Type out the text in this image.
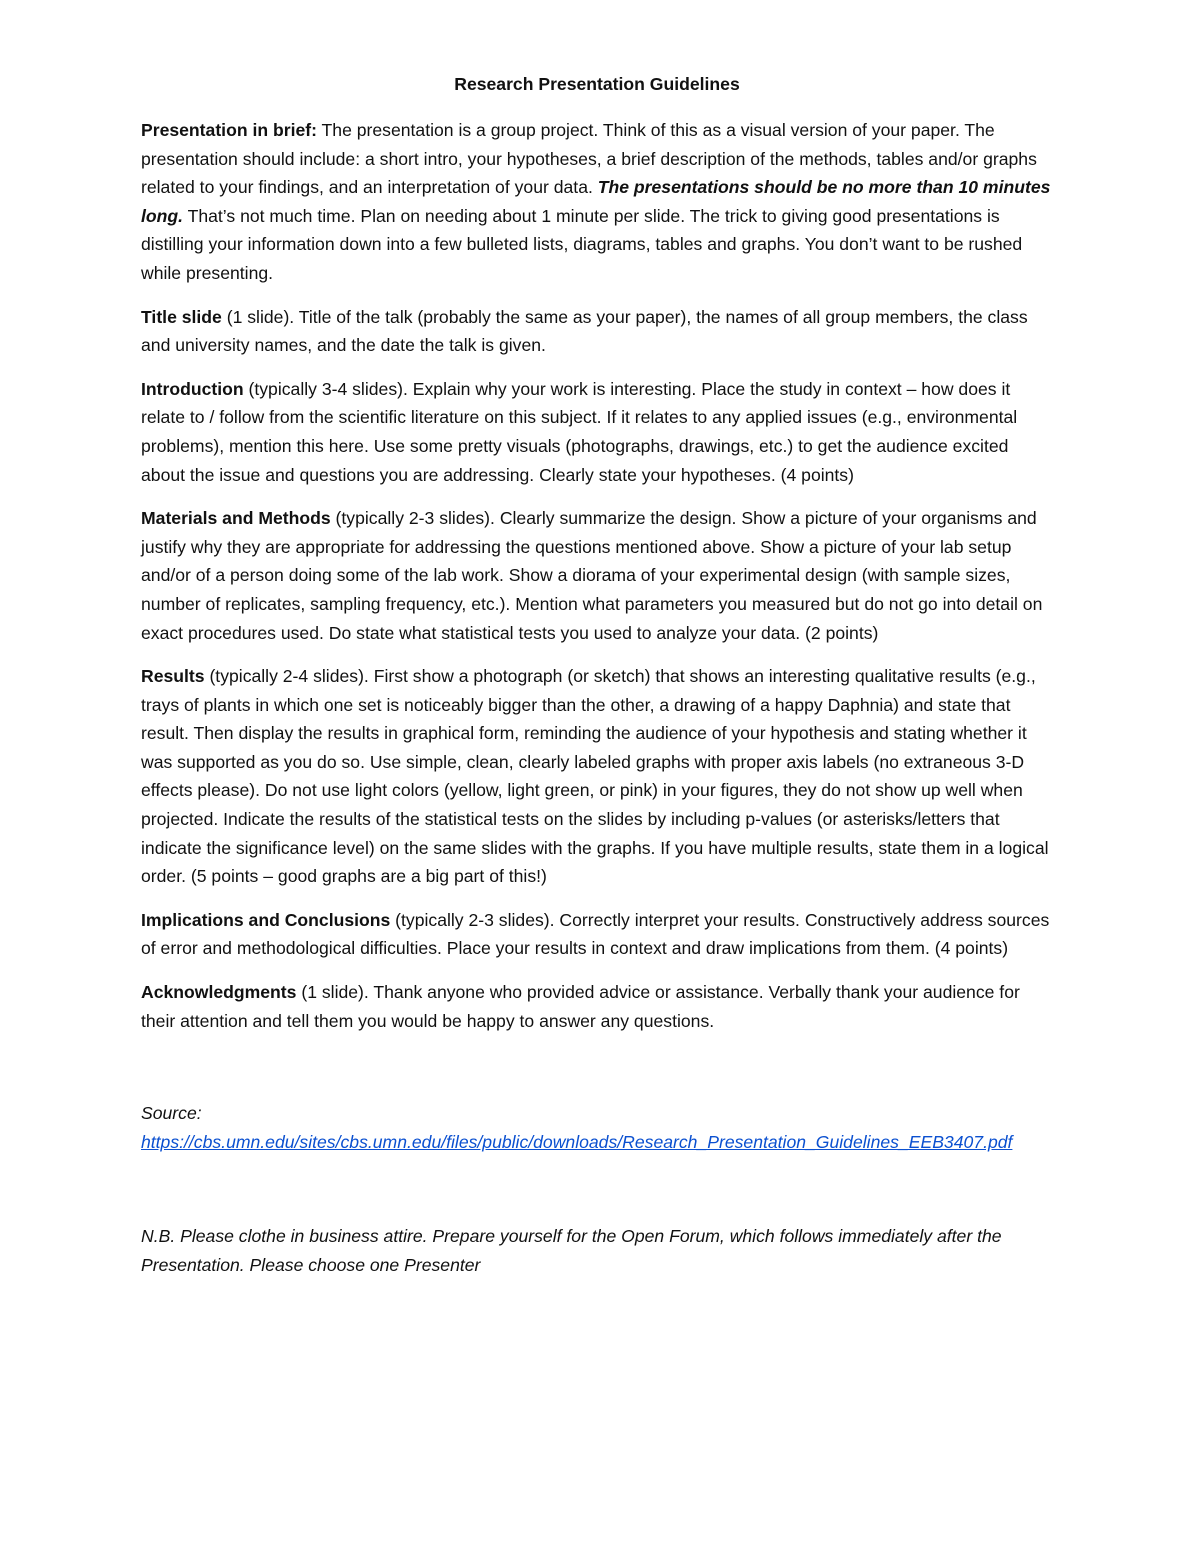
Research Presentation Guidelines

Presentation in brief: The presentation is a group project. Think of this as a visual version of your paper. The presentation should include: a short intro, your hypotheses, a brief description of the methods, tables and/or graphs related to your findings, and an interpretation of your data. The presentations should be no more than 10 minutes long. That’s not much time. Plan on needing about 1 minute per slide. The trick to giving good presentations is distilling your information down into a few bulleted lists, diagrams, tables and graphs. You don’t want to be rushed while presenting.

Title slide (1 slide). Title of the talk (probably the same as your paper), the names of all group members, the class and university names, and the date the talk is given.

Introduction (typically 3-4 slides). Explain why your work is interesting. Place the study in context – how does it relate to / follow from the scientific literature on this subject. If it relates to any applied issues (e.g., environmental problems), mention this here. Use some pretty visuals (photographs, drawings, etc.) to get the audience excited about the issue and questions you are addressing. Clearly state your hypotheses. (4 points)

Materials and Methods (typically 2-3 slides). Clearly summarize the design. Show a picture of your organisms and justify why they are appropriate for addressing the questions mentioned above. Show a picture of your lab setup and/or of a person doing some of the lab work. Show a diorama of your experimental design (with sample sizes, number of replicates, sampling frequency, etc.). Mention what parameters you measured but do not go into detail on exact procedures used. Do state what statistical tests you used to analyze your data. (2 points)

Results (typically 2-4 slides). First show a photograph (or sketch) that shows an interesting qualitative results (e.g., trays of plants in which one set is noticeably bigger than the other, a drawing of a happy Daphnia) and state that result. Then display the results in graphical form, reminding the audience of your hypothesis and stating whether it was supported as you do so. Use simple, clean, clearly labeled graphs with proper axis labels (no extraneous 3-D effects please). Do not use light colors (yellow, light green, or pink) in your figures, they do not show up well when projected. Indicate the results of the statistical tests on the slides by including p-values (or asterisks/letters that indicate the significance level) on the same slides with the graphs. If you have multiple results, state them in a logical order. (5 points – good graphs are a big part of this!)

Implications and Conclusions (typically 2-3 slides). Correctly interpret your results. Constructively address sources of error and methodological difficulties. Place your results in context and draw implications from them. (4 points)

Acknowledgments (1 slide). Thank anyone who provided advice or assistance. Verbally thank your audience for their attention and tell them you would be happy to answer any questions.

Source:
https://cbs.umn.edu/sites/cbs.umn.edu/files/public/downloads/Research_Presentation_Guidelines_EEB3407.pdf
N.B. Please clothe in business attire. Prepare yourself for the Open Forum, which follows immediately after the Presentation. Please choose one Presenter
